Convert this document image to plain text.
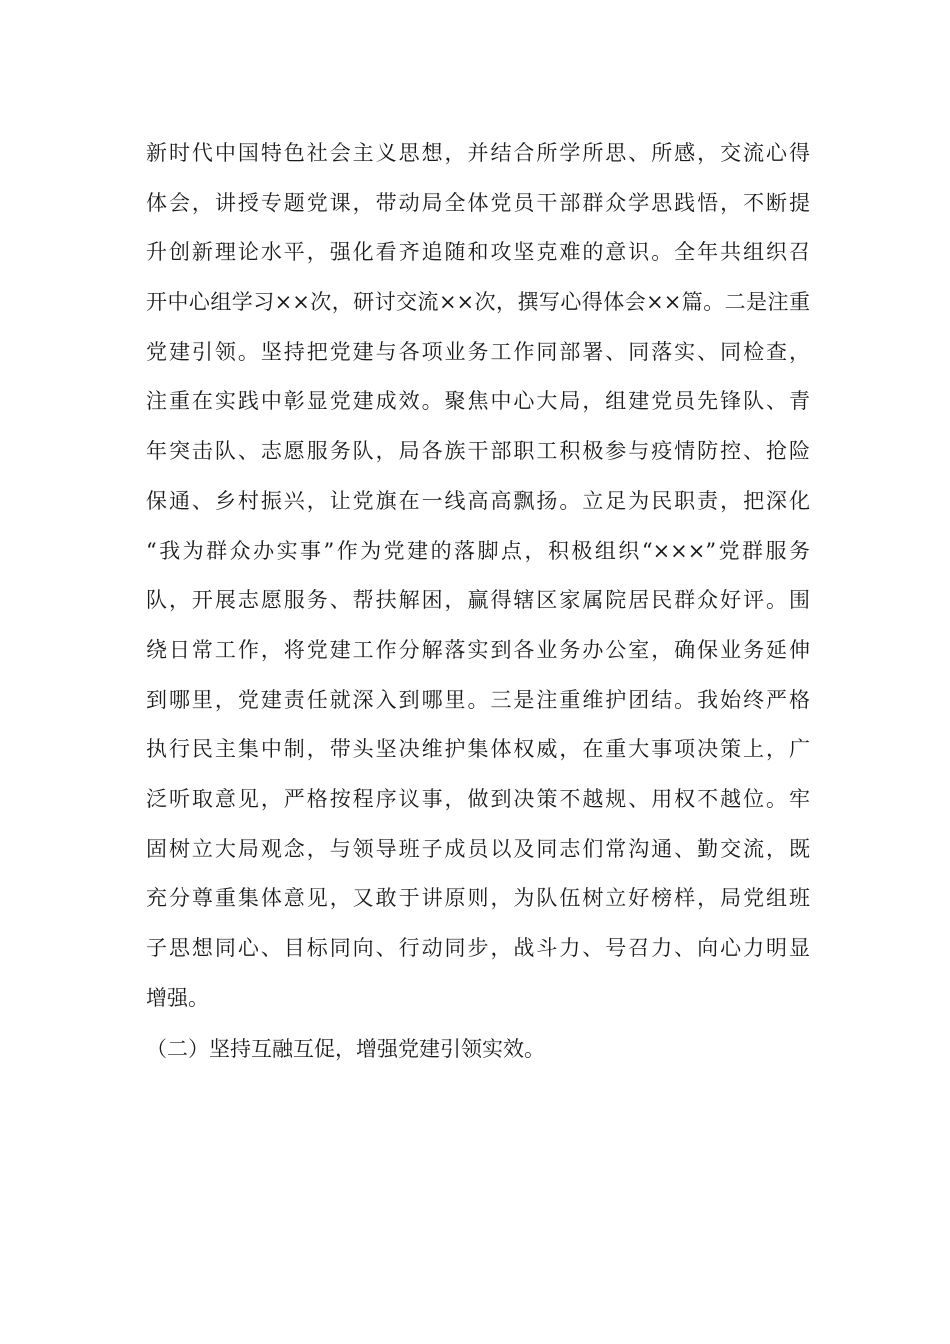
新时代中国特色社会主义思想，并结合所学所思、所感，交流心得
体会，讲授专题党课，带动局全体党员干部群众学思践悟，不断提
升创新理论水平，强化看齐追随和攻坚克难的意识。全年共组织召
开中心组学习××次，研讨交流××次，撰写心得体会××篇。二是注重
党建引领。坚持把党建与各项业务工作同部署、同落实、同检查，
注重在实践中彰显党建成效。聚焦中心大局，组建党员先锋队、青
年突击队、志愿服务队，局各族干部职工积极参与疫情防控、抢险
保通、乡村振兴，让党旗在一线高高飘扬。立足为民职责，把深化
“我为群众办实事”作为党建的落脚点，积极组织“×××”党群服务
队，开展志愿服务、帮扶解困，赢得辖区家属院居民群众好评。围
绕日常工作，将党建工作分解落实到各业务办公室，确保业务延伸
到哪里，党建责任就深入到哪里。三是注重维护团结。我始终严格
执行民主集中制，带头坚决维护集体权威，在重大事项决策上，广
泛听取意见，严格按程序议事，做到决策不越规、用权不越位。牢
固树立大局观念，与领导班子成员以及同志们常沟通、勤交流，既
充分尊重集体意见，又敢于讲原则，为队伍树立好榜样，局党组班
子思想同心、目标同向、行动同步，战斗力、号召力、向心力明显
增强。
（二）坚持互融互促，增强党建引领实效。
